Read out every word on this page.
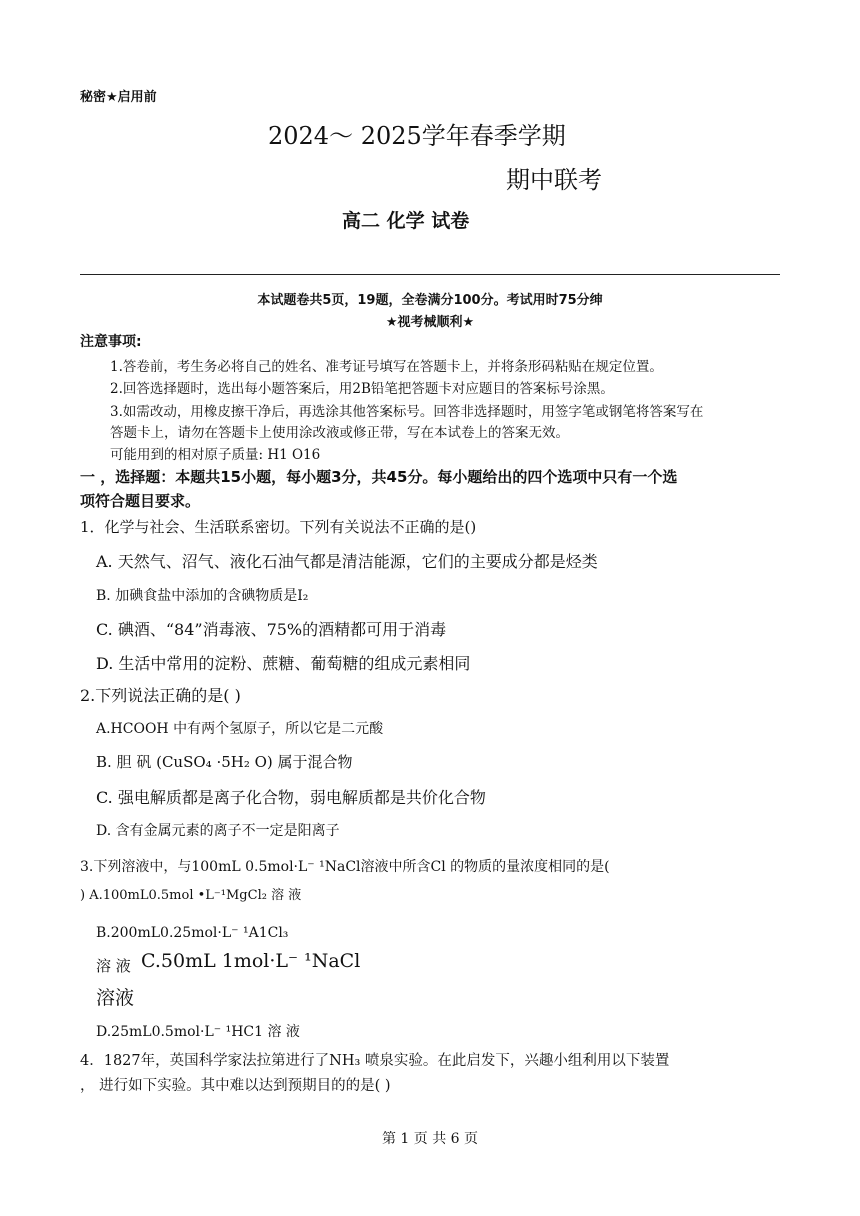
秘密★启用前
2024～ 2025学年春季学期
期中联考
高二 化学 试卷
本试题卷共5页，19题，全卷满分100分。考试用时75分绅
★视考械顺利★
注意事项:
1.答卷前，考生务必将自己的姓名、准考证号填写在答题卡上，并将条形码粘贴在规定位置。
2.回答选择题时，选出每小题答案后，用2B铅笔把答题卡对应题目的答案标号涂黑。
3.如需改动，用橡皮擦干净后，再选涂其他答案标号。回答非选择题时，用签字笔或钢笔将答案写在
答题卡上，请勿在答题卡上使用涂改液或修正带，写在本试卷上的答案无效。
可能用到的相对原子质量: H1 O16
一 ，选择题：本题共15小题，每小题3分，共45分。每小题给出的四个选项中只有一个选
项符合题目要求。
1．化学与社会、生活联系密切。下列有关说法不正确的是()
A. 天然气、沼气、液化石油气都是清洁能源，它们的主要成分都是烃类
B. 加碘食盐中添加的含碘物质是I₂
C. 碘酒、“84”消毒液、75%的酒精都可用于消毒
D. 生活中常用的淀粉、蔗糖、葡萄糖的组成元素相同
2.下列说法正确的是( )
A.HCOOH 中有两个氢原子，所以它是二元酸
B. 胆 矾 (CuSO₄ ·5H₂ O) 属于混合物
C. 强电解质都是离子化合物，弱电解质都是共价化合物
D. 含有金属元素的离子不一定是阳离子
3.下列溶液中，与100mL 0.5mol·L⁻ ¹NaCl溶液中所含Cl 的物质的量浓度相同的是(
) A.100mL0.5mol •L⁻¹MgCl₂ 溶 液
B.200mL0.25mol·L⁻ ¹A1Cl₃
溶 液 C.50mL 1mol·L⁻ ¹NaCl
溶液
D.25mL0.5mol·L⁻ ¹HC1 溶 液
4．1827年，英国科学家法拉第进行了NH₃ 喷泉实验。在此启发下，兴趣小组利用以下装置
， 进行如下实验。其中难以达到预期目的的是( )
第 1 页 共 6 页
